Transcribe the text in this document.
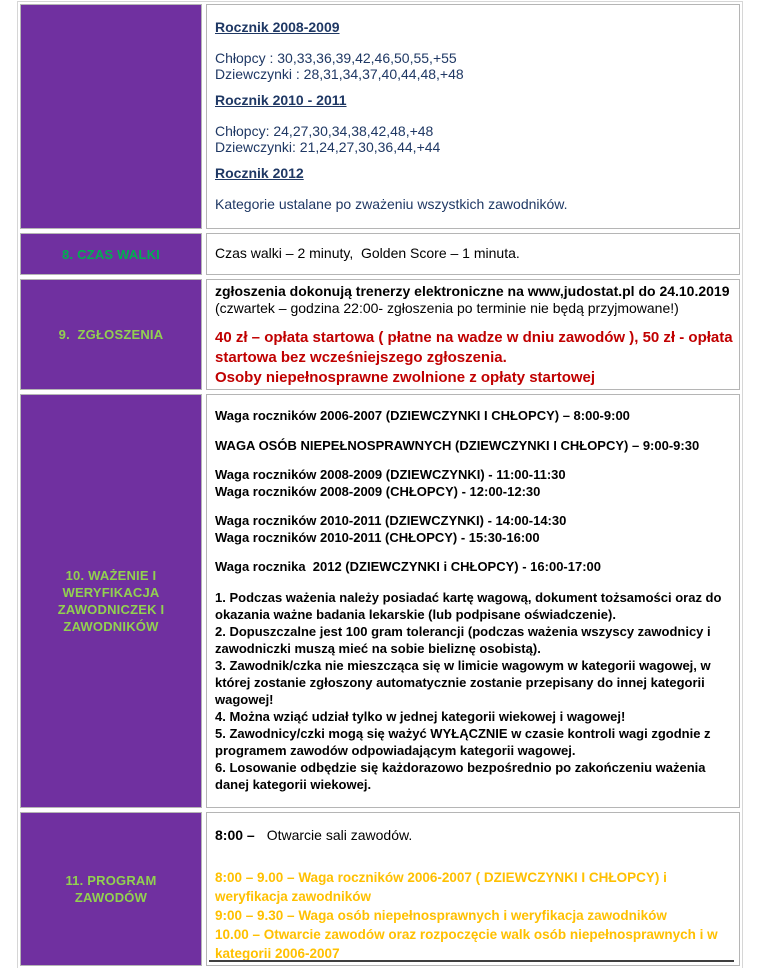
Rocznik 2008-2009
Chłopcy : 30,33,36,39,42,46,50,55,+55
Dziewczynki : 28,31,34,37,40,44,48,+48
Rocznik 2010 - 2011
Chłopcy: 24,27,30,34,38,42,48,+48
Dziewczynki: 21,24,27,30,36,44,+44
Rocznik 2012
Kategorie ustalane po zważeniu wszystkich zawodników.
8. CZAS WALKI	Czas walki – 2 minuty,  Golden Score – 1 minuta.
9.  ZGŁOSZENIA
zgłoszenia dokonują trenerzy elektroniczne na www,judostat.pl do 24.10.2019
(czwartek – godzina 22:00- zgłoszenia po terminie nie będą przyjmowane!)
40 zł – opłata startowa ( płatne na wadze w dniu zawodów ), 50 zł - opłata startowa bez wcześniejszego zgłoszenia.
Osoby niepełnosprawne zwolnione z opłaty startowej
10. WAŻENIE I WERYFIKACJA ZAWODNICZEK I ZAWODNIKÓW
Waga roczników 2006-2007 (DZIEWCZYNKI I CHŁOPCY) – 8:00-9:00
WAGA OSÓB NIEPEŁNOSPRAWNYCH (DZIEWCZYNKI I CHŁOPCY) – 9:00-9:30
Waga roczników 2008-2009 (DZIEWCZYNKI) - 11:00-11:30
Waga roczników 2008-2009 (CHŁOPCY) - 12:00-12:30
Waga roczników 2010-2011 (DZIEWCZYNKI) - 14:00-14:30
Waga roczników 2010-2011 (CHŁOPCY) - 15:30-16:00
Waga rocznika  2012 (DZIEWCZYNKI i CHŁOPCY) - 16:00-17:00
1. Podczas ważenia należy posiadać kartę wagową, dokument tożsamości oraz do okazania ważne badania lekarskie (lub podpisane oświadczenie).
2. Dopuszczalne jest 100 gram tolerancji (podczas ważenia wszyscy zawodnicy i zawodniczki muszą mieć na sobie bieliznę osobistą).
3. Zawodnik/czka nie mieszcząca się w limicie wagowym w kategorii wagowej, w której zostanie zgłoszony automatycznie zostanie przepisany do innej kategorii wagowej!
4. Można wziąć udział tylko w jednej kategorii wiekowej i wagowej!
5. Zawodnicy/czki mogą się ważyć WYŁĄCZNIE w czasie kontroli wagi zgodnie z programem zawodów odpowiadającym kategorii wagowej.
6. Losowanie odbędzie się każdorazowo bezpośrednio po zakończeniu ważenia danej kategorii wiekowej.
11. PROGRAM ZAWODÓW
8:00 – Otwarcie sali zawodów.
8:00 – 9.00 – Waga roczników 2006-2007 ( DZIEWCZYNKI I CHŁOPCY) i weryfikacja zawodników
9:00 – 9.30 – Waga osób niepełnosprawnych i weryfikacja zawodników
10.00 – Otwarcie zawodów oraz rozpoczęcie walk osób niepełnosprawnych i w kategorii 2006-2007
